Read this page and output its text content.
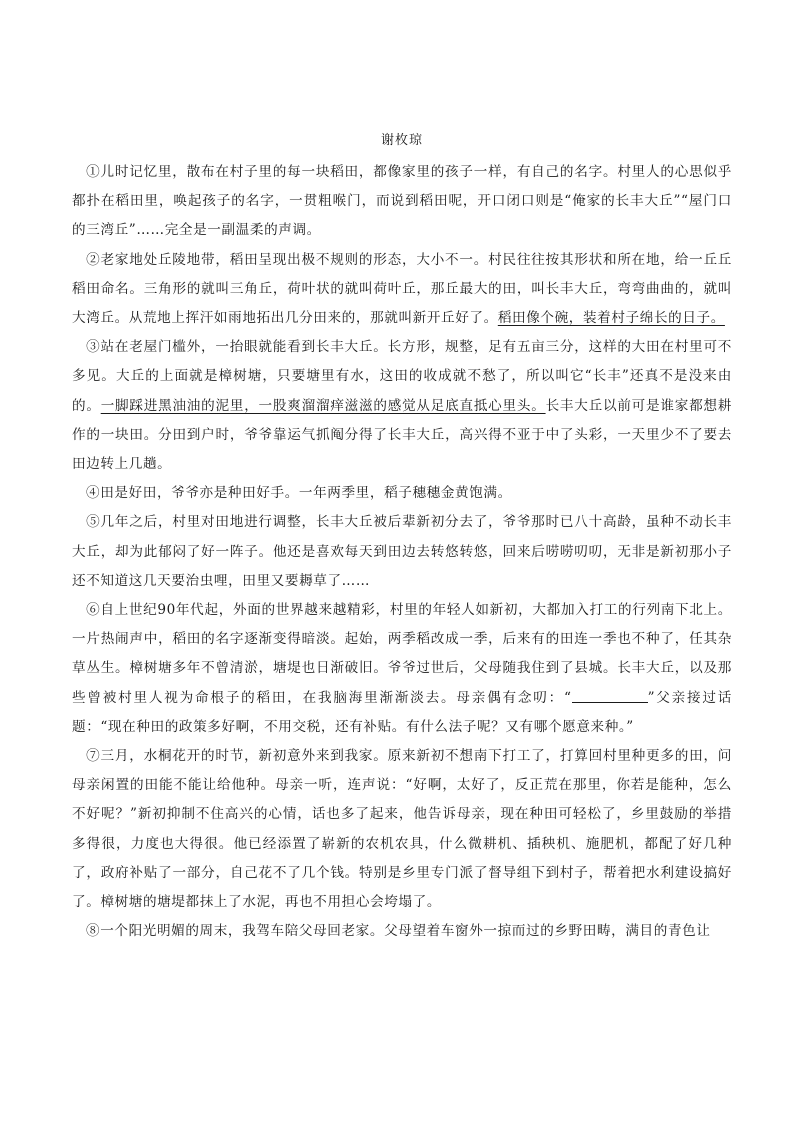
谢枚琼

①儿时记忆里，散布在村子里的每一块稻田，都像家里的孩子一样，有自己的名字。村里人的心思似乎都扑在稻田里，唤起孩子的名字，一贯粗喉门，而说到稻田呢，开口闭口则是“俺家的长丰大丘”“屋门口的三湾丘”……完全是一副温柔的声调。

②老家地处丘陵地带，稻田呈现出极不规则的形态，大小不一。村民往往按其形状和所在地，给一丘丘稻田命名。三角形的就叫三角丘，荷叶状的就叫荷叶丘，那丘最大的田，叫长丰大丘，弯弯曲曲的，就叫大湾丘。从荒地上挥汗如雨地拓出几分田来的，那就叫新开丘好了。稻田像个碗，装着村子绵长的日子。

③站在老屋门槛外，一抬眼就能看到长丰大丘。长方形，规整，足有五亩三分，这样的大田在村里可不多见。大丘的上面就是樟树塘，只要塘里有水，这田的收成就不愁了，所以叫它“长丰”还真不是没来由的。一脚踩进黑油油的泥里，一股爽溜溜痒滋滋的感觉从足底直抵心里头。长丰大丘以前可是谁家都想耕作的一块田。分田到户时，爷爷靠运气抓阄分得了长丰大丘，高兴得不亚于中了头彩，一天里少不了要去田边转上几趟。

④田是好田，爷爷亦是种田好手。一年两季里，稻子穗穗金黄饱满。

⑤几年之后，村里对田地进行调整，长丰大丘被后辈新初分去了，爷爷那时已八十高龄，虽种不动长丰大丘，却为此郁闷了好一阵子。他还是喜欢每天到田边去转悠转悠，回来后唠唠叨叨，无非是新初那小子还不知道这几天要治虫哩，田里又要耨草了……

⑥自上世纪90年代起，外面的世界越来越精彩，村里的年轻人如新初，大都加入打工的行列南下北上。一片热闹声中，稻田的名字逐渐变得暗淡。起始，两季稻改成一季，后来有的田连一季也不种了，任其杂草丛生。樟树塘多年不曾清淤，塘堤也日渐破旧。爷爷过世后，父母随我住到了县城。长丰大丘，以及那些曾被村里人视为命根子的稻田，在我脑海里渐渐淡去。母亲偶有念叨：“	”父亲接过话题：“现在种田的政策多好啊，不用交税，还有补贴。有什么法子呢？又有哪个愿意来种。”

⑦三月，水桐花开的时节，新初意外来到我家。原来新初不想南下打工了，打算回村里种更多的田，问母亲闲置的田能不能让给他种。母亲一听，连声说：“好啊，太好了，反正荒在那里，你若是能种，怎么不好呢？”新初抑制不住高兴的心情，话也多了起来，他告诉母亲，现在种田可轻松了，乡里鼓励的举措多得很，力度也大得很。他已经添置了崭新的农机农具，什么微耕机、插秧机、施肥机，都配了好几种了，政府补贴了一部分，自己花不了几个钱。特别是乡里专门派了督导组下到村子，帮着把水利建设搞好了。樟树塘的塘堤都抹上了水泥，再也不用担心会垮塌了。

⑧一个阳光明媚的周末，我驾车陪父母回老家。父母望着车窗外一掠而过的乡野田畴，满目的青色让
